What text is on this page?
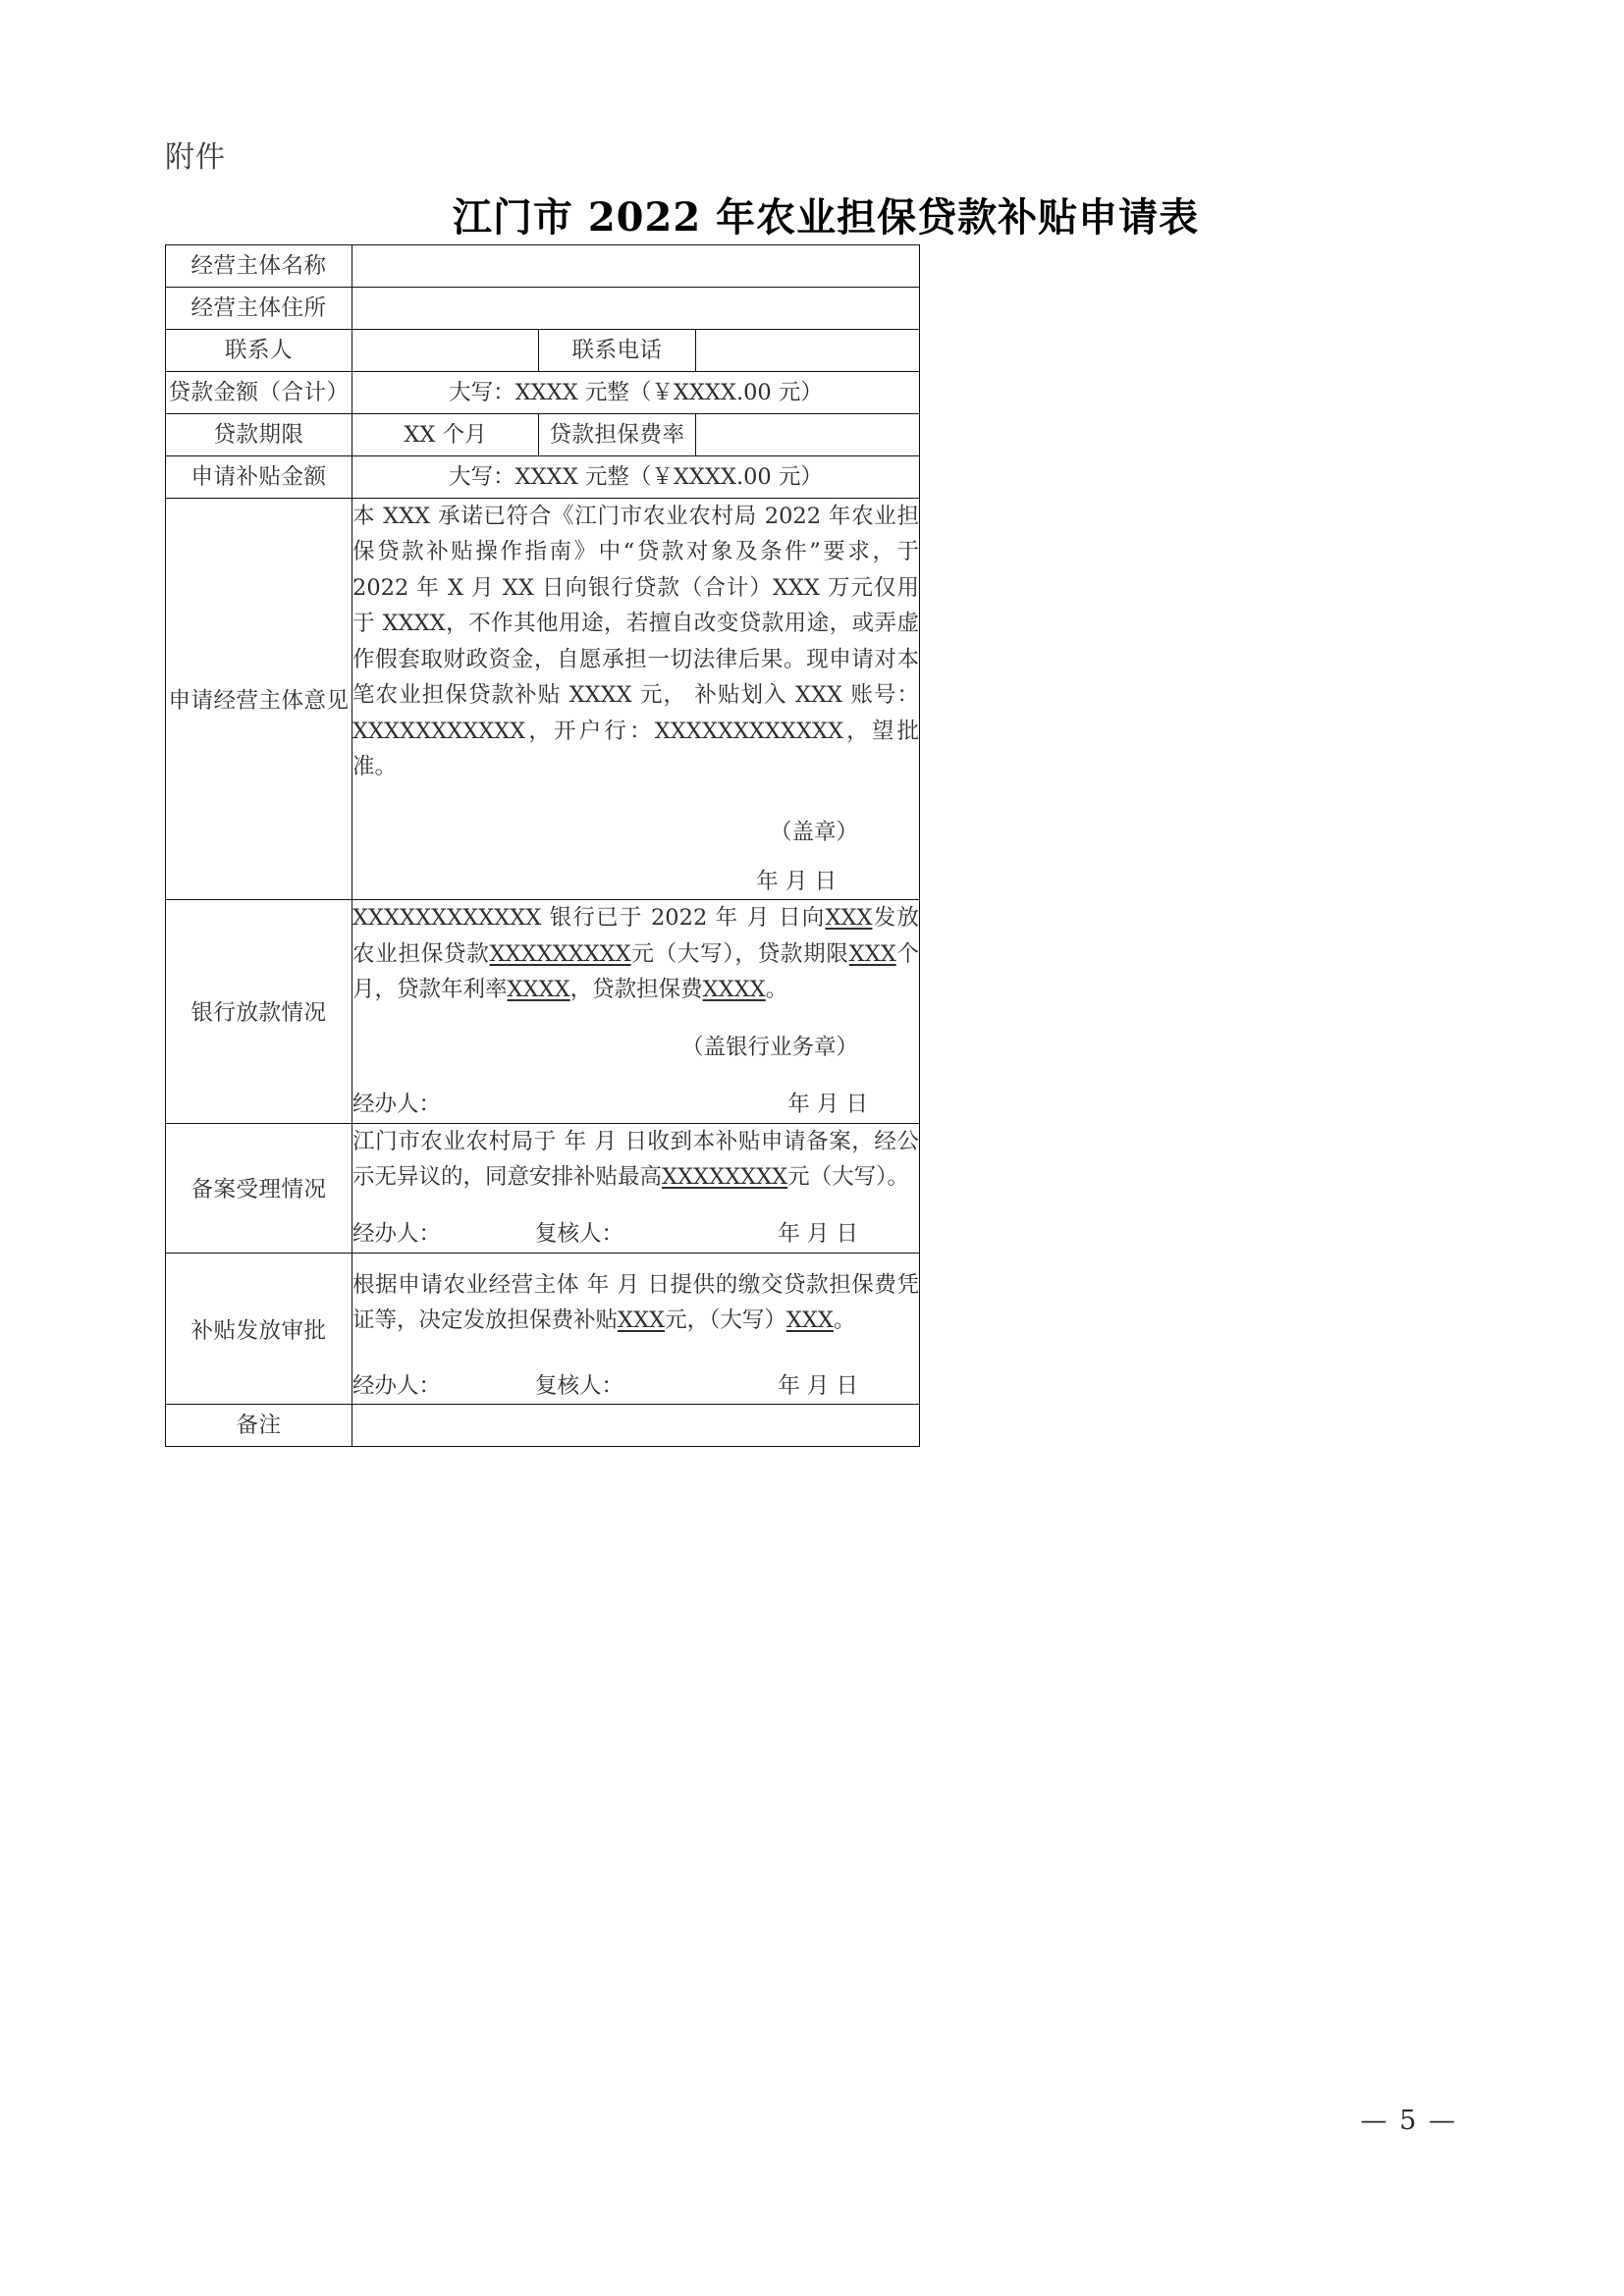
附件
江门市 2022 年农业担保贷款补贴申请表
经营主体名称			
经营主体住所			
联系人		联系电话	
贷款金额（合计）	大写：XXXX 元整（￥XXXX.00 元）		
贷款期限	XX 个月	贷款担保费率	
申请补贴金额	大写：XXXX 元整（￥XXXX.00 元）		
申请经营主体意见	本 XXX 承诺已符合《江门市农业农村局 2022 年农业担保贷款补贴操作指南》中“贷款对象及条件”要求，于 2022 年 X 月 XX 日向银行贷款（合计）XXX 万元仅用于 XXXX，不作其他用途，若擅自改变贷款用途，或弄虚作假套取财政资金，自愿承担一切法律后果。现申请对本笔农业担保贷款补贴 XXXX 元， 补贴划入 XXX 账号：XXXXXXXXXXX，开户行：XXXXXXXXXXXX，望批准。

（盖章）

年 月 日		

银行放款情况	XXXXXXXXXXXX 银行已于 2022 年 月 日向XXX发放农业担保贷款XXXXXXXXX元（大写），贷款期限XXX个月，贷款年利率XXXX，贷款担保费XXXX。

（盖银行业务章）

经办人： 年 月 日		

备案受理情况	江门市农业农村局于 年 月 日收到本补贴申请备案，经公示无异议的，同意安排补贴最高XXXXXXXX元（大写）。

经办人： 复核人： 年 月 日		

补贴发放审批	根据申请农业经营主体 年 月 日提供的缴交贷款担保费凭证等，决定发放担保费补贴XXX元，（大写）XXX。

经办人： 复核人： 年 月 日		

备注			
— 5 —
